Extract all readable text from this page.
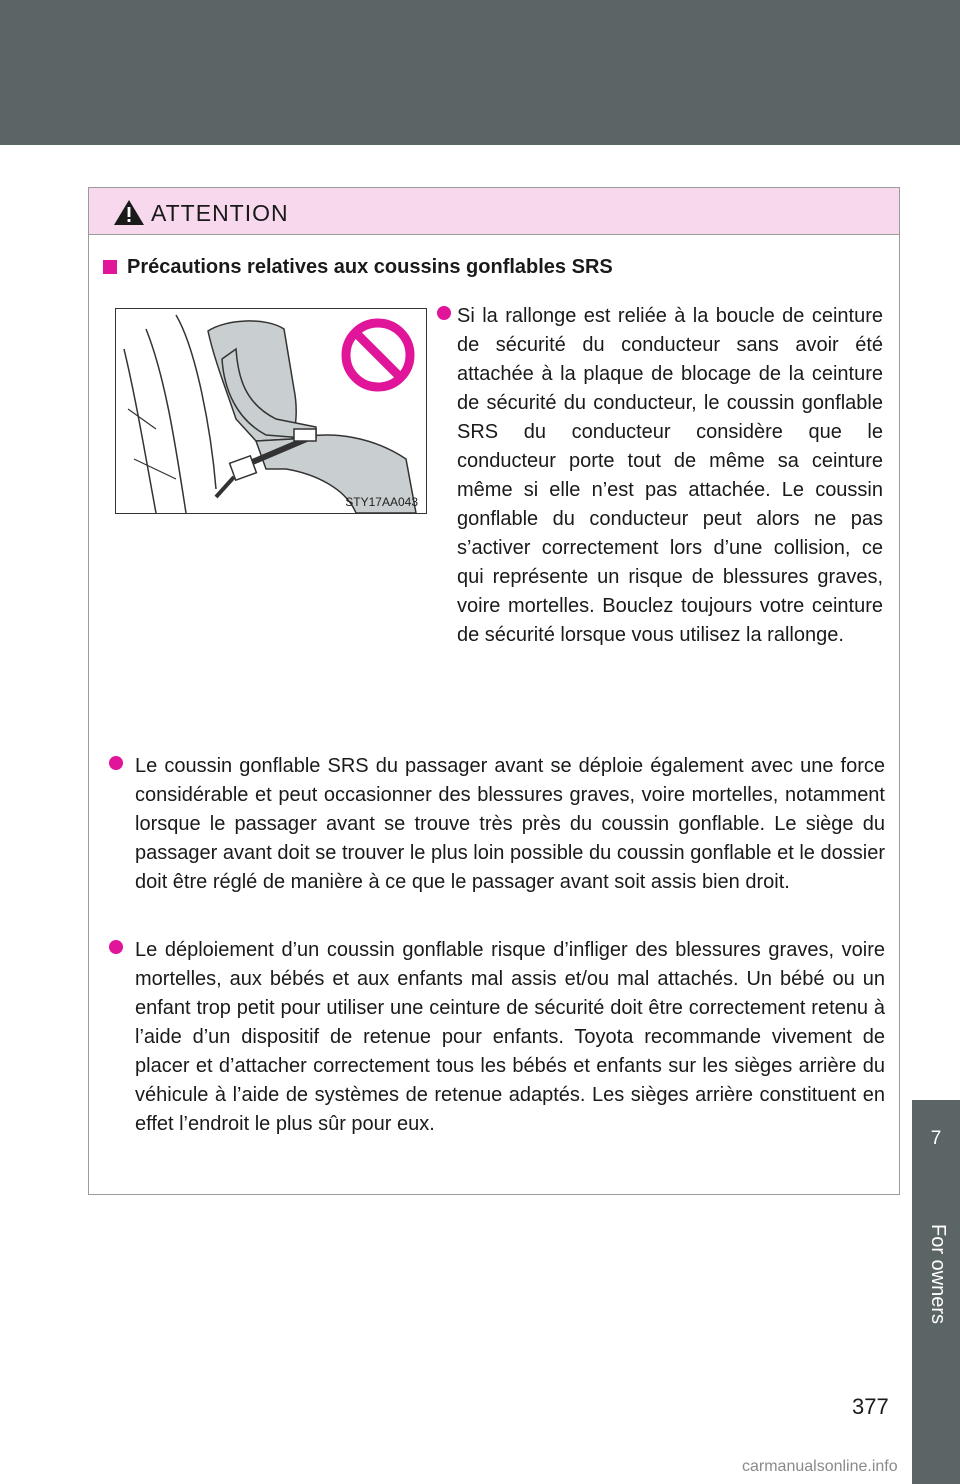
7
For owners
ATTENTION
Précautions relatives aux coussins gonflables SRS
STY17AA043

Si la rallonge est reliée à la boucle de ceinture de sécurité du conducteur sans avoir été attachée à la plaque de blocage de la ceinture de sécurité du conducteur, le coussin gonflable SRS du conducteur considère que le conducteur porte tout de même sa ceinture même si elle n’est pas attachée. Le coussin gonflable du conducteur peut alors ne pas s’activer correctement lors d’une collision, ce qui représente un risque de blessures graves, voire mortelles. Bouclez toujours votre ceinture de sécurité lorsque vous utilisez la rallonge.

Le coussin gonflable SRS du passager avant se déploie également avec une force considérable et peut occasionner des blessures graves, voire mortelles, notamment lorsque le passager avant se trouve très près du coussin gonflable. Le siège du passager avant doit se trouver le plus loin possible du coussin gonflable et le dossier doit être réglé de manière à ce que le passager avant soit assis bien droit.

Le déploiement d’un coussin gonflable risque d’infliger des blessures graves, voire mortelles, aux bébés et aux enfants mal assis et/ou mal attachés. Un bébé ou un enfant trop petit pour utiliser une ceinture de sécurité doit être correctement retenu à l’aide d’un dispositif de retenue pour enfants. Toyota recommande vivement de placer et d’attacher correctement tous les bébés et enfants sur les sièges arrière du véhicule à l’aide de systèmes de retenue adaptés. Les sièges arrière constituent en effet l’endroit le plus sûr pour eux.

377
carmanualsonline.info
